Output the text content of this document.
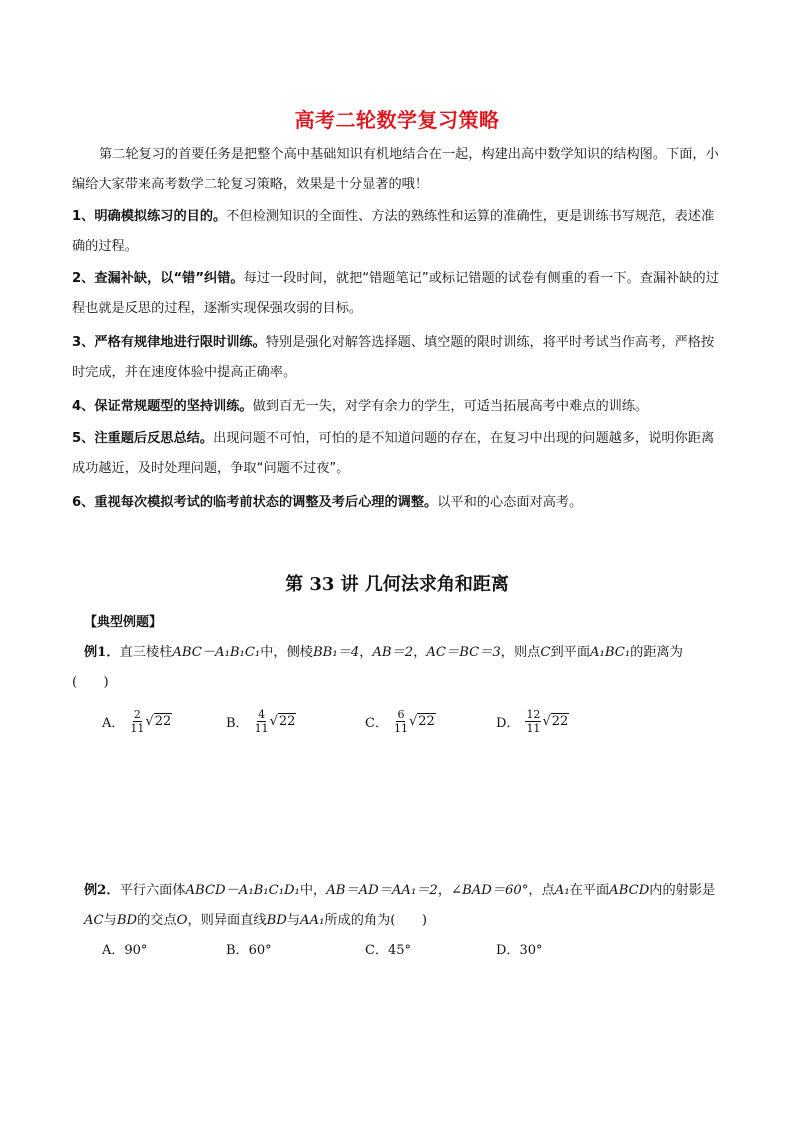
高考二轮数学复习策略
第二轮复习的首要任务是把整个高中基础知识有机地结合在一起，构建出高中数学知识的结构图。下面，小编给大家带来高考数学二轮复习策略，效果是十分显著的哦！
1、明确模拟练习的目的。不但检测知识的全面性、方法的熟练性和运算的准确性，更是训练书写规范，表述准确的过程。
2、查漏补缺，以“错”纠错。每过一段时间，就把“错题笔记”或标记错题的试卷有侧重的看一下。查漏补缺的过程也就是反思的过程，逐渐实现保强攻弱的目标。
3、严格有规律地进行限时训练。特别是强化对解答选择题、填空题的限时训练，将平时考试当作高考，严格按时完成，并在速度体验中提高正确率。
4、保证常规题型的坚持训练。做到百无一失，对学有余力的学生，可适当拓展高考中难点的训练。
5、注重题后反思总结。出现问题不可怕，可怕的是不知道问题的存在，在复习中出现的问题越多，说明你距离成功越近，及时处理问题，争取“问题不过夜”。
6、重视每次模拟考试的临考前状态的调整及考后心理的调整。以平和的心态面对高考。
第 33 讲 几何法求角和距离
【典型例题】
例1．直三棱柱ABC－A₁B₁C₁中，侧棱BB₁＝4，AB＝2，AC＝BC＝3，则点C到平面A₁BC₁的距离为
(　　)
A． $\frac{2}{11} √22$	B． $\frac{4}{11} √22$	C． $\frac{6}{11} √22$	D． $\frac{12}{11} √22$
例2．平行六面体ABCD－A₁B₁C₁D₁中，AB＝AD＝AA₁＝2，∠BAD＝60°，点A₁在平面ABCD内的射影是AC与BD的交点O，则异面直线BD与AA₁所成的角为(　　)
A．90°	B．60°	C．45°	D．30°
